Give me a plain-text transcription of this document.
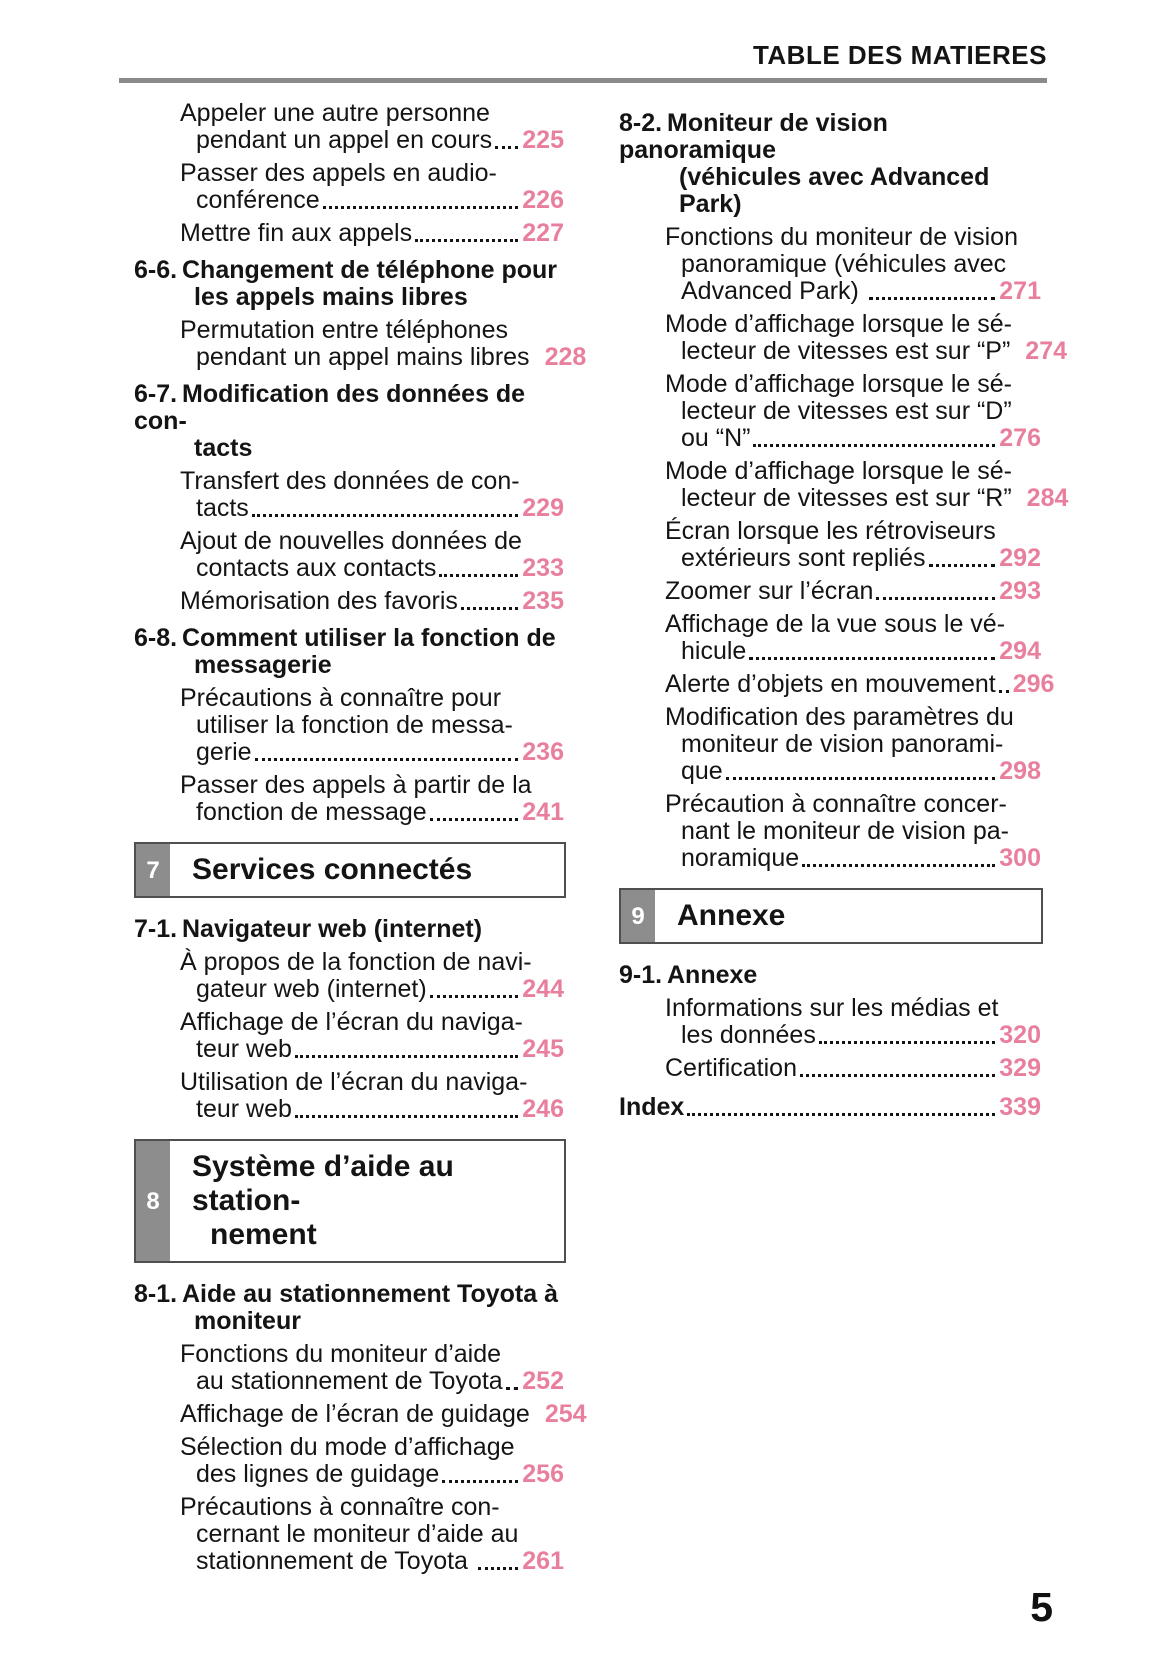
TABLE DES MATIERES
Appeler une autre personne
pendant un appel en cours 225
Passer des appels en audio-
conférence	226
Mettre fin aux appels	227
6-6. Changement de téléphone pour
les appels mains libres
Permutation entre téléphones
pendant un appel mains libres 228
6-7. Modification des données de con-
tacts
Transfert des données de con-
tacts	229
Ajout de nouvelles données de
contacts aux contacts	233
Mémorisation des favoris	235
6-8. Comment utiliser la fonction de
messagerie
Précautions à connaître pour
utiliser la fonction de messa-
gerie	236
Passer des appels à partir de la
fonction de message	241
7	Services connectés
7-1. Navigateur web (internet)
À propos de la fonction de navi-
gateur web (internet)	244
Affichage de l’écran du naviga-
teur web	245
Utilisation de l’écran du naviga-
teur web	246
8
Système d’aide au station-
nement
8-1. Aide au stationnement Toyota à
moniteur
Fonctions du moniteur d’aide
au stationnement de Toyota 252
Affichage de l’écran de guidage 254
Sélection du mode d’affichage
des lignes de guidage	256
Précautions à connaître con-
cernant le moniteur d’aide au
stationnement de Toyota 261
8-2. Moniteur de vision panoramique
(véhicules avec Advanced Park)
Fonctions du moniteur de vision
panoramique (véhicules avec
Advanced Park)	271
Mode d’affichage lorsque le sé-
lecteur de vitesses est sur “P” 274
Mode d’affichage lorsque le sé-
lecteur de vitesses est sur “D”
ou “N”	276
Mode d’affichage lorsque le sé-
lecteur de vitesses est sur “R” 284
Écran lorsque les rétroviseurs
extérieurs sont repliés	292
Zoomer sur l’écran	293
Affichage de la vue sous le vé-
hicule	294
Alerte d’objets en mouvement 296
Modification des paramètres du
moniteur de vision panorami-
que	298
Précaution à connaître concer-
nant le moniteur de vision pa-
noramique	300
9	Annexe
9-1. Annexe
Informations sur les médias et
les données	320
Certification	329
Index	339
5
